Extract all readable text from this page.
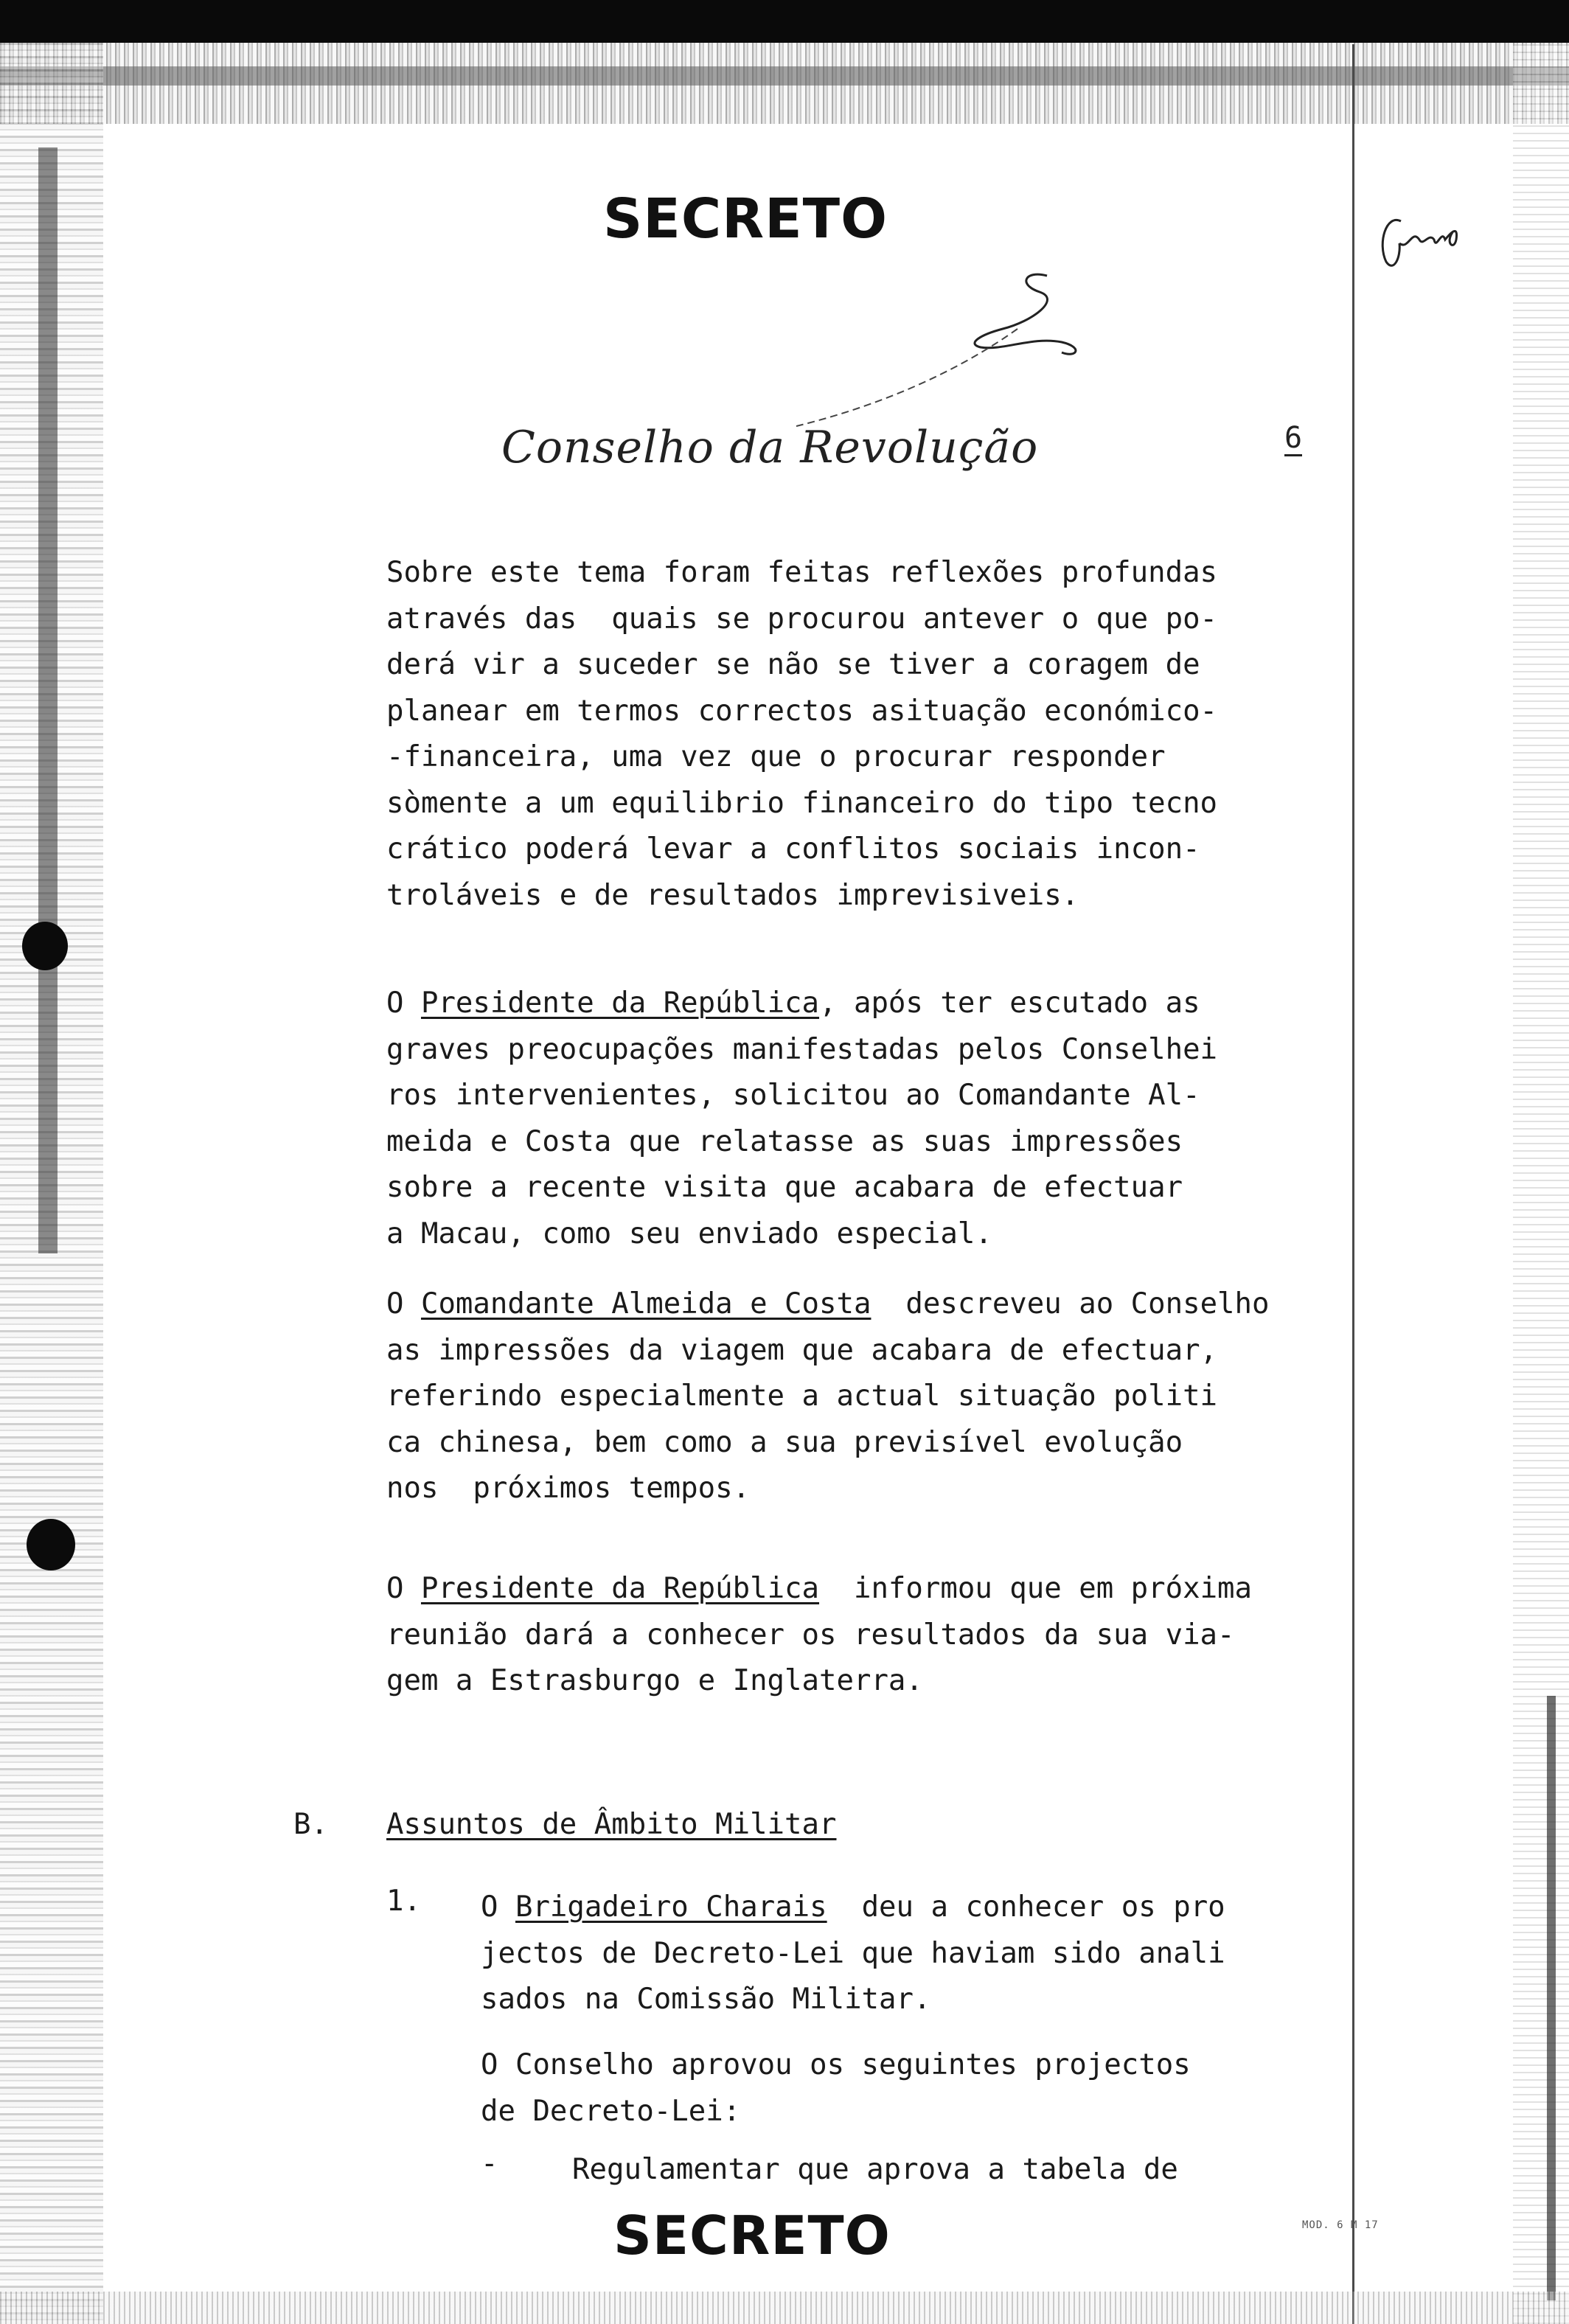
SECRETO
Conselho da Revolução	6
Sobre este tema foram feitas reflexões profundas
através das  quais se procurou antever o que po-
derá vir a suceder se não se tiver a coragem de
planear em termos correctos asituação económico-
-financeira, uma vez que o procurar responder
sòmente a um equilibrio financeiro do tipo tecno
crático poderá levar a conflitos sociais incon-
troláveis e de resultados imprevisiveis.
O Presidente da República, após ter escutado as
graves preocupações manifestadas pelos Conselhei
ros intervenientes, solicitou ao Comandante Al-
meida e Costa que relatasse as suas impressões
sobre a recente visita que acabara de efectuar
a Macau, como seu enviado especial.
O Comandante Almeida e Costa  descreveu ao Conselho
as impressões da viagem que acabara de efectuar,
referindo especialmente a actual situação politi
ca chinesa, bem como a sua previsível evolução
nos  próximos tempos.
O Presidente da República  informou que em próxima
reunião dará a conhecer os resultados da sua via-
gem a Estrasburgo e Inglaterra.
B. Assuntos de Âmbito Militar
1. O Brigadeiro Charais  deu a conhecer os pro
jectos de Decreto-Lei que haviam sido anali
sados na Comissão Militar.
O Conselho aprovou os seguintes projectos
de Decreto-Lei:
-	Regulamentar que aprova a tabela de
SECRETO	MOD. 6 M 17
